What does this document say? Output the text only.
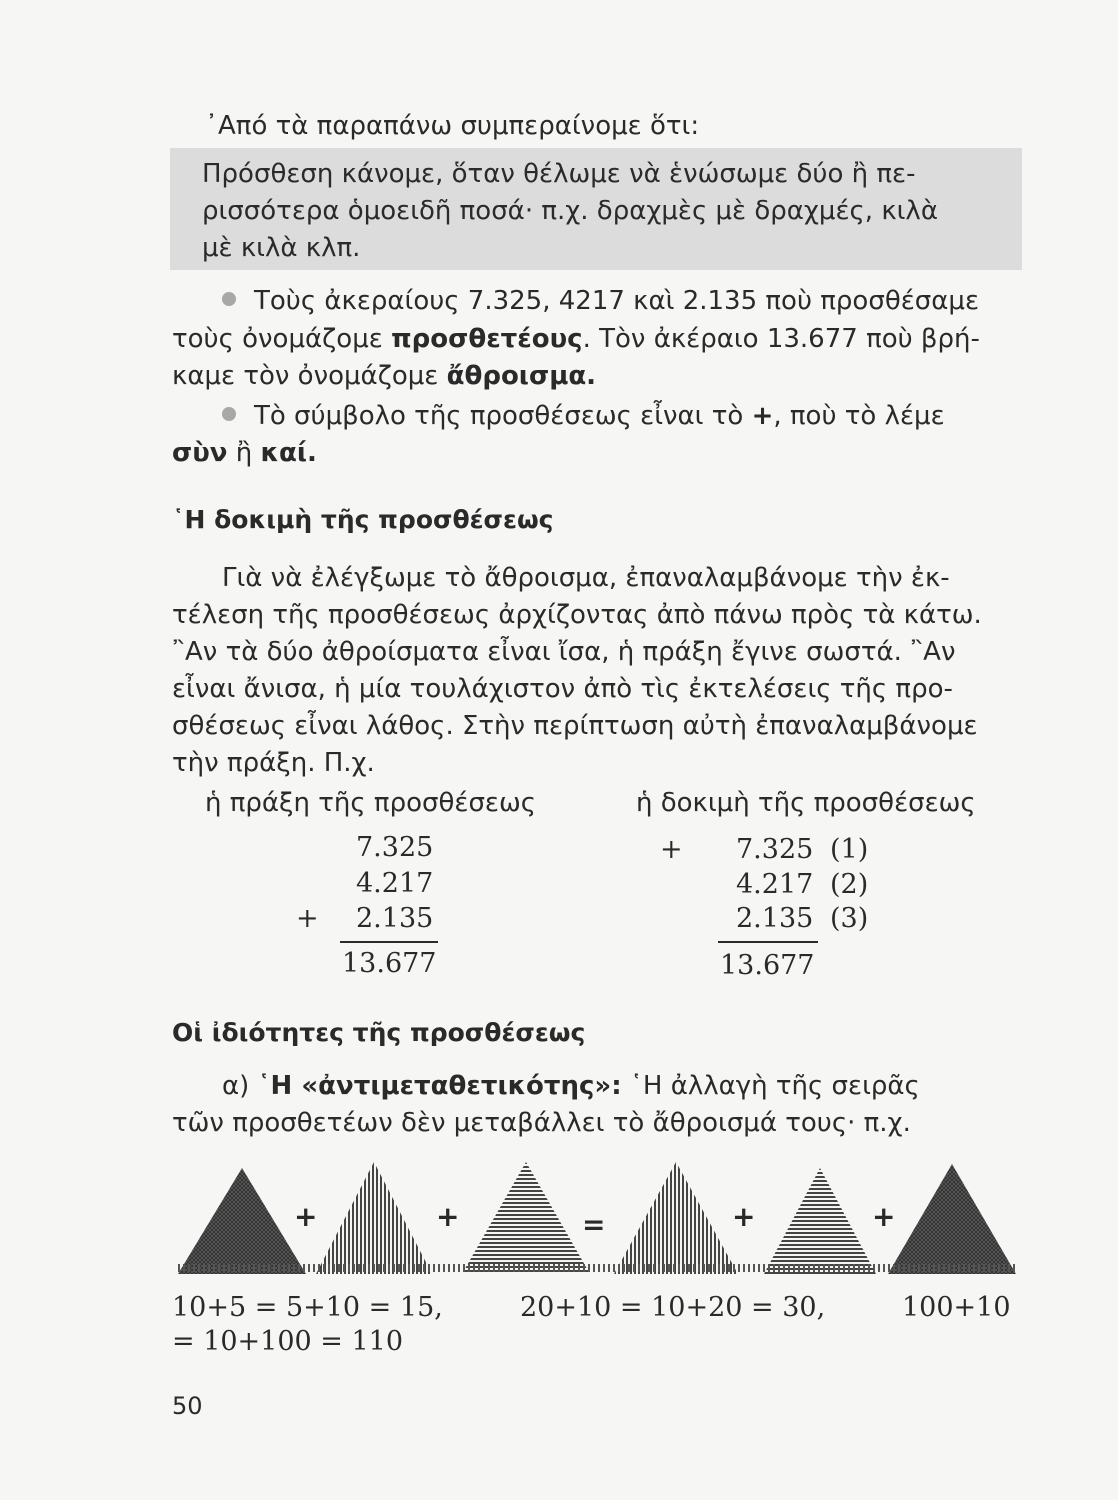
᾿Από τὰ παραπάνω συμπεραίνομε ὅτι:

Πρόσθεση κάνομε, ὅταν θέλωμε νὰ ἑνώσωμε δύο ἢ πε-
ρισσότερα ὁμοειδῆ ποσά· π.χ. δραχμὲς μὲ δραχμές, κιλὰ
μὲ κιλὰ κλπ.

Τοὺς ἀκεραίους 7.325, 4217 καὶ 2.135 ποὺ προσθέσαμε

τοὺς ὀνομάζομε προσθετέους. Τὸν ἀκέραιο 13.677 ποὺ βρή-

καμε τὸν ὀνομάζομε ἄθροισμα.

Τὸ σύμβολο τῆς προσθέσεως εἶναι τὸ +, ποὺ τὸ λέμε

σὺν ἢ καί.

῾Η δοκιμὴ τῆς προσθέσεως

Γιὰ νὰ ἐλέγξωμε τὸ ἄθροισμα, ἐπαναλαμβάνομε τὴν ἐκ-

τέλεση τῆς προσθέσεως ἀρχίζοντας ἀπὸ πάνω πρὸς τὰ κάτω.

῍Αν τὰ δύο ἀθροίσματα εἶναι ἴσα, ἡ πράξη ἔγινε σωστά. ῍Αν

εἶναι ἄνισα, ἡ μία τουλάχιστον ἀπὸ τὶς ἐκτελέσεις τῆς προ-

σθέσεως εἶναι λάθος. Στὴν περίπτωση αὐτὴ ἐπαναλαμβάνομε

τὴν πράξη. Π.χ.

ἡ πράξη τῆς προσθέσεως	ἡ δοκιμὴ τῆς προσθέσεως

7.325
4.217
+ 2.135
13.677
+ 7.325 (1)
4.217 (2)
2.135 (3)
13.677
Οἱ ἰδιότητες τῆς προσθέσεως

α) ῾Η «ἀντιμεταθετικότης»: ῾Η ἀλλαγὴ τῆς σειρᾶς

τῶν προσθετέων δὲν μεταβάλλει τὸ ἄθροισμά τους· π.χ.

+	+	=	+	+
10+5 = 5+10 = 15,	20+10 = 10+20 = 30,	100+10
= 10+100 = 110
50
